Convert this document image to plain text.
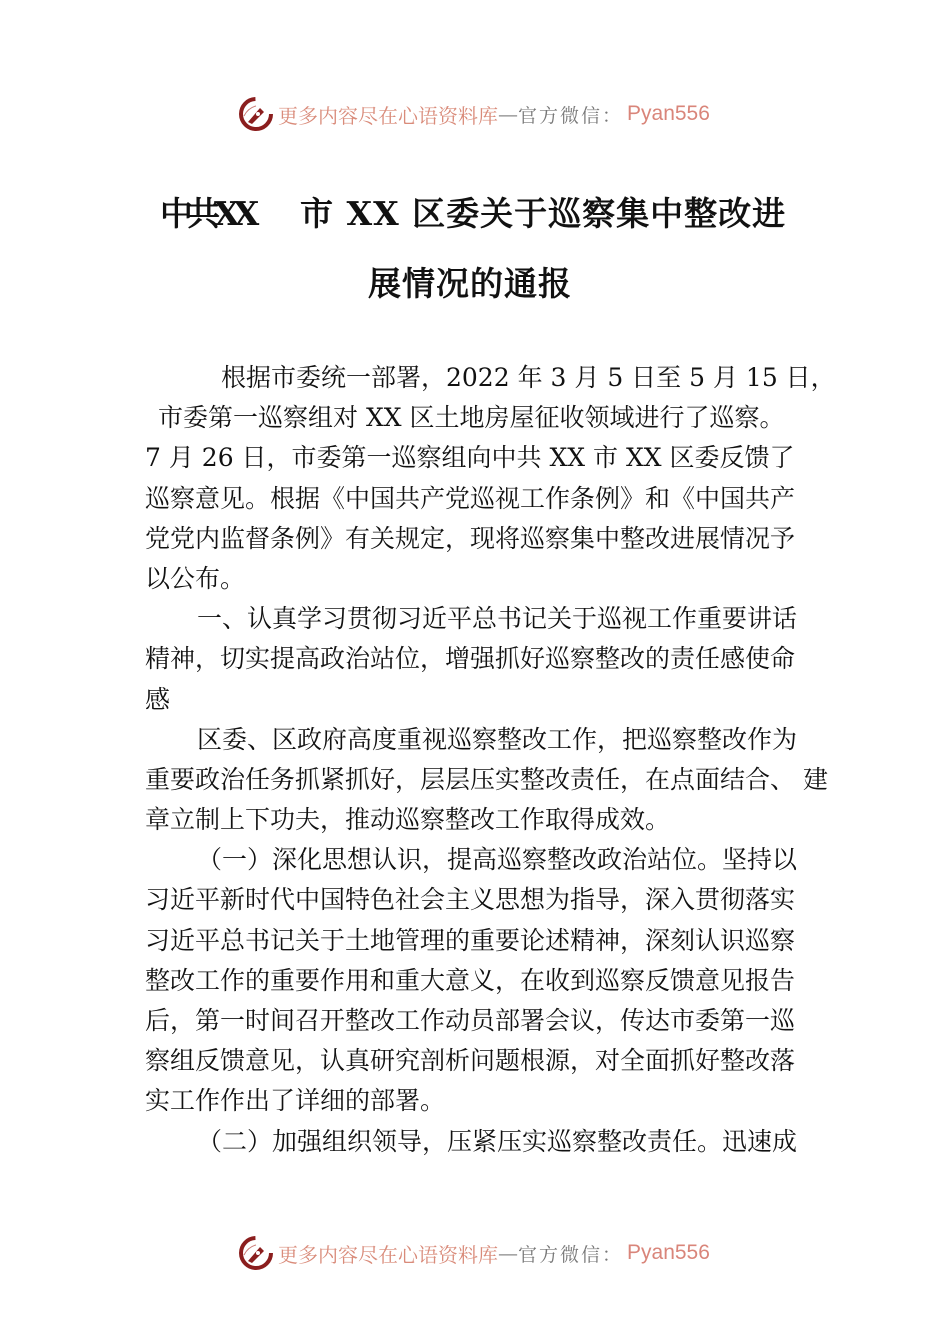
更多内容尽在心语资料库 — 官方微信： Pyan556
中共XX 市 XX 区委关于巡察集中整改进
展情况的通报
根据市委统一部署，2022 年 3 月 5 日至 5 月 15 日，
市委第一巡察组对 XX 区土地房屋征收领域进行了巡察。
7 月 26 日，市委第一巡察组向中共 XX 市 XX 区委反馈了
巡察意见。根据《中国共产党巡视工作条例》和《中国共产
党党内监督条例》有关规定，现将巡察集中整改进展情况予
以公布。
一、认真学习贯彻习近平总书记关于巡视工作重要讲话
精神，切实提高政治站位，增强抓好巡察整改的责任感使命
感
区委、区政府高度重视巡察整改工作，把巡察整改作为
重要政治任务抓紧抓好，层层压实整改责任，在点面结合、 建
章立制上下功夫，推动巡察整改工作取得成效。
（一）深化思想认识，提高巡察整改政治站位。坚持以
习近平新时代中国特色社会主义思想为指导，深入贯彻落实
习近平总书记关于土地管理的重要论述精神，深刻认识巡察
整改工作的重要作用和重大意义，在收到巡察反馈意见报告
后，第一时间召开整改工作动员部署会议，传达市委第一巡
察组反馈意见，认真研究剖析问题根源，对全面抓好整改落
实工作作出了详细的部署。
（二）加强组织领导，压紧压实巡察整改责任。迅速成
更多内容尽在心语资料库 — 官方微信： Pyan556
